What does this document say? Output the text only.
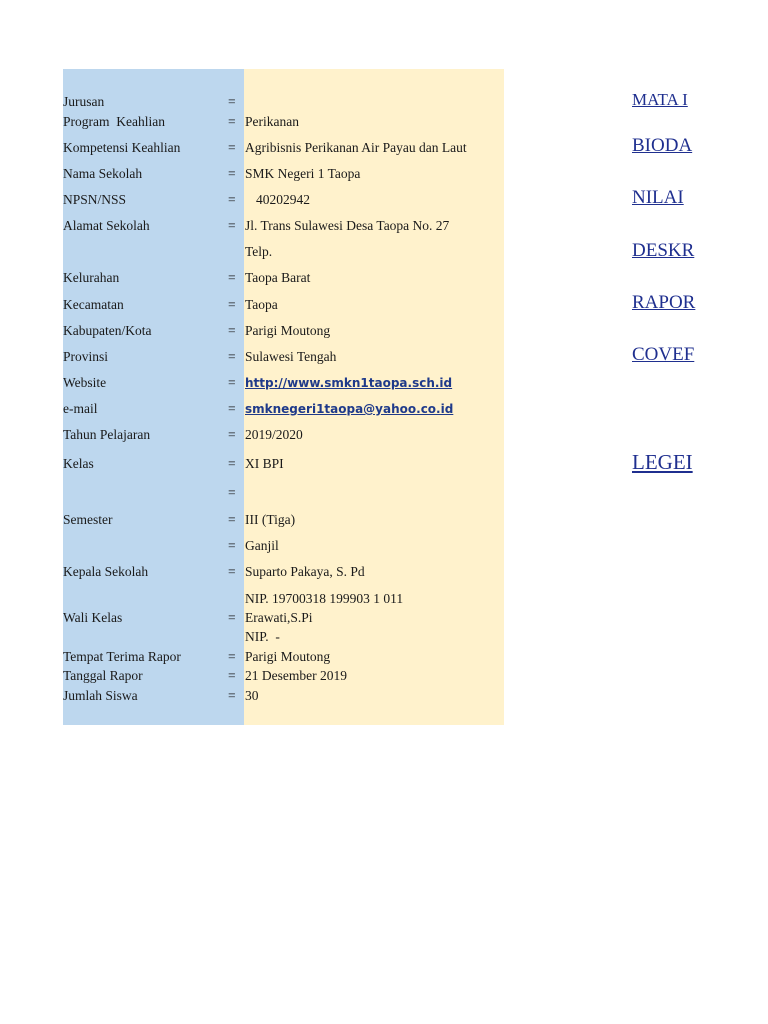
Jurusan	=
Program  Keahlian	= Perikanan
Kompetensi Keahlian	= Agribisnis Perikanan Air Payau dan Laut
Nama Sekolah	= SMK Negeri 1 Taopa
NPSN/NSS	= 40202942
Alamat Sekolah	= Jl. Trans Sulawesi Desa Taopa No. 27
Telp.
Kelurahan	= Taopa Barat
Kecamatan	= Taopa
Kabupaten/Kota	= Parigi Moutong
Provinsi	= Sulawesi Tengah
Website	= http://www.smkn1taopa.sch.id
e-mail	= smknegeri1taopa@yahoo.co.id
Tahun Pelajaran	= 2019/2020
Kelas	= XI BPI
=
Semester	= III (Tiga)
= Ganjil
Kepala Sekolah	= Suparto Pakaya, S. Pd
NIP. 19700318 199903 1 011
Wali Kelas	= Erawati,S.Pi
NIP.  -
Tempat Terima Rapor	= Parigi Moutong
Tanggal Rapor	= 21 Desember 2019
Jumlah Siswa	= 30
MATA I
BIODA
NILAI
DESKR
RAPOR
COVEF
LEGEI
